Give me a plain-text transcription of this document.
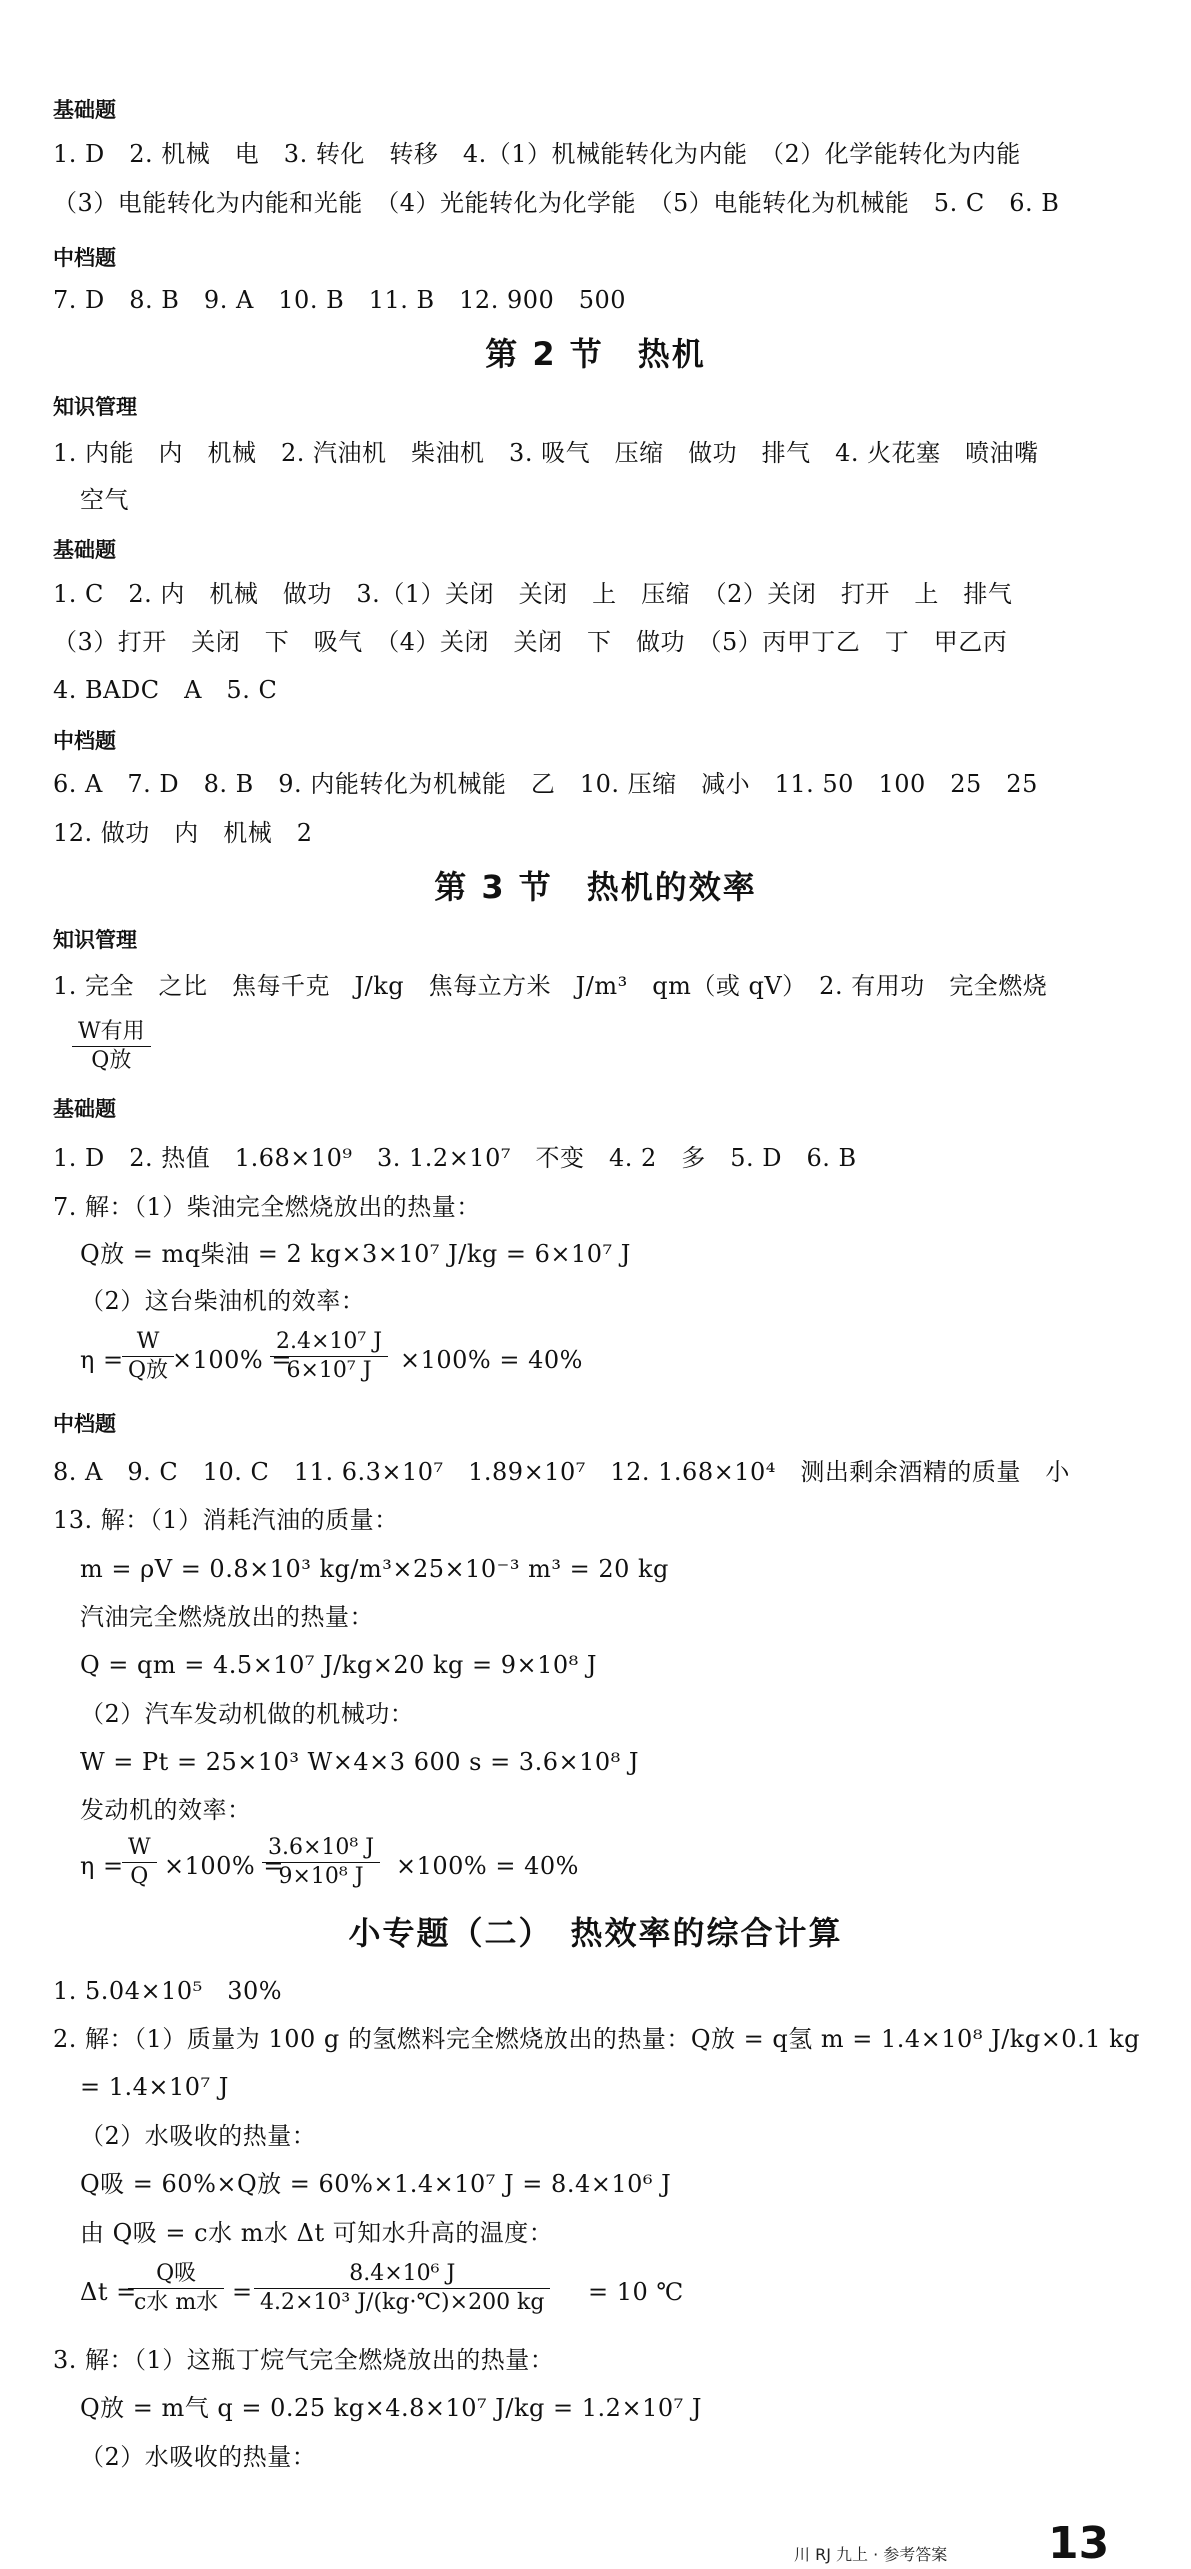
基础题
1. D　2. 机械　电　3. 转化　转移　4.（1）机械能转化为内能　（2）化学能转化为内能
（3）电能转化为内能和光能　（4）光能转化为化学能　（5）电能转化为机械能　5. C　6. B
中档题
7. D　8. B　9. A　10. B　11. B　12. 900　500
第 2 节　热机
知识管理
1. 内能　内　机械　2. 汽油机　柴油机　3. 吸气　压缩　做功　排气　4. 火花塞　喷油嘴
空气
基础题
1. C　2. 内　机械　做功　3.（1）关闭　关闭　上　压缩　（2）关闭　打开　上　排气
（3）打开　关闭　下　吸气　（4）关闭　关闭　下　做功　（5）丙甲丁乙　丁　甲乙丙
4. BADC　A　5. C
中档题
6. A　7. D　8. B　9. 内能转化为机械能　乙　10. 压缩　减小　11. 50　100　25　25
12. 做功　内　机械　2
第 3 节　热机的效率
知识管理
1. 完全　之比　焦每千克　J/kg　焦每立方米　J/m³　qm（或 qV）　2. 有用功　完全燃烧
W有用
Q放
基础题
1. D　2. 热值　1.68×10⁹　3. 1.2×10⁷　不变　4. 2　多　5. D　6. B
7. 解：（1）柴油完全燃烧放出的热量：
Q放 = mq柴油 = 2 kg×3×10⁷ J/kg = 6×10⁷ J
（2）这台柴油机的效率：
η =
W
Q放 ×100% =
$\frac{\text{2.4×10⁷ J}}{\text{6×10⁷ J}} \times 100\% = 40\%$
中档题
8. A　9. C　10. C　11. 6.3×10⁷　1.89×10⁷　12. 1.68×10⁴　测出剩余酒精的质量　小
13. 解：（1）消耗汽油的质量：
m = ρV = 0.8×10³ kg/m³×25×10⁻³ m³ = 20 kg
汽油完全燃烧放出的热量：
Q = qm = 4.5×10⁷ J/kg×20 kg = 9×10⁸ J
（2）汽车发动机做的机械功：
W = Pt = 25×10³ W×4×3 600 s = 3.6×10⁸ J
发动机的效率：
η =
$\frac{W}{Q} \times 100\%$ =
$\frac{\text{3.6×10⁸ J}}{\text{9×10⁸ J}} \times 100\% = 40\%$
小专题（二）　热效率的综合计算
1. 5.04×10⁵　30%
2. 解：（1）质量为 100 g 的氢燃料完全燃烧放出的热量：Q放 = q氢 m = 1.4×10⁸ J/kg×0.1 kg
= 1.4×10⁷ J
（2）水吸收的热量：
Q吸 = 60%×Q放 = 60%×1.4×10⁷ J = 8.4×10⁶ J
由 Q吸 = c水 m水 Δt 可知水升高的温度：
Δt =
Q吸
c水 m水 = $\frac{\text{8.4×10⁶ J}}{\text{4.2×10³ J/(kg·℃)×200 kg}} = 10$ ℃
3. 解：（1）这瓶丁烷气完全燃烧放出的热量：
Q放 = m气 q = 0.25 kg×4.8×10⁷ J/kg = 1.2×10⁷ J
（2）水吸收的热量：
川 RJ 九上 · 参考答案 13
